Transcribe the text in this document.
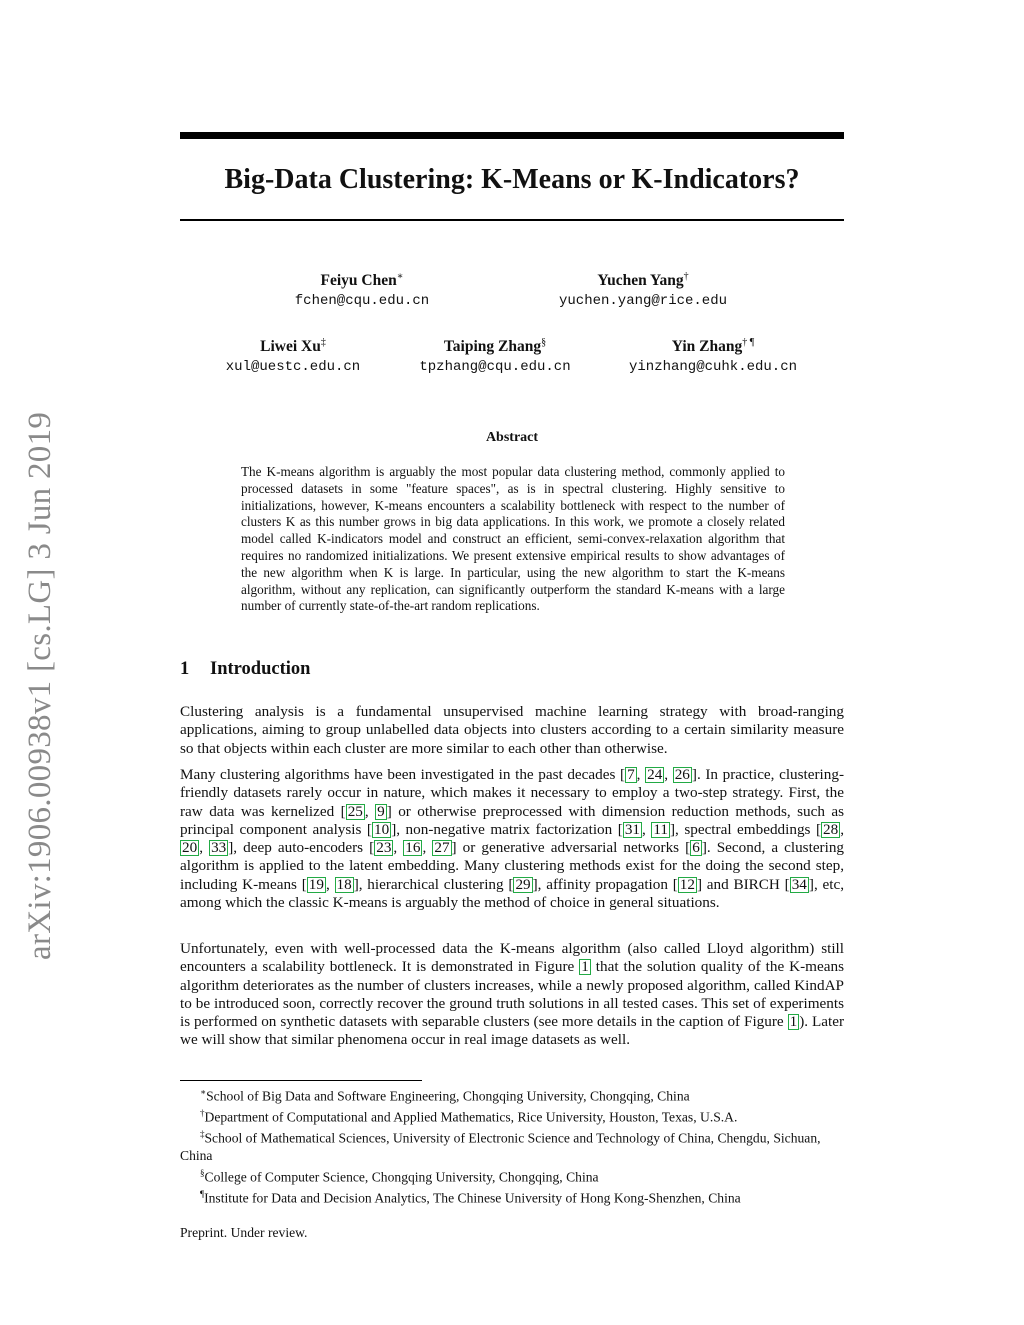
arXiv:1906.00938v1 [cs.LG] 3 Jun 2019
Big-Data Clustering: K-Means or K-Indicators?
Feiyu Chen∗
fchen@cqu.edu.cn
Yuchen Yang†
yuchen.yang@rice.edu
Liwei Xu‡
xul@uestc.edu.cn
Taiping Zhang§
tpzhang@cqu.edu.cn
Yin Zhang† ¶
yinzhang@cuhk.edu.cn
Abstract
The K-means algorithm is arguably the most popular data clustering method, commonly applied to processed datasets in some "feature spaces", as is in spectral clustering. Highly sensitive to initializations, however, K-means encounters a scalability bottleneck with respect to the number of clusters K as this number grows in big data applications. In this work, we promote a closely related model called K-indicators model and construct an efficient, semi-convex-relaxation algorithm that requires no randomized initializations. We present extensive empirical results to show advantages of the new algorithm when K is large. In particular, using the new algorithm to start the K-means algorithm, without any replication, can significantly outperform the standard K-means with a large number of currently state-of-the-art random replications.
1 Introduction
Clustering analysis is a fundamental unsupervised machine learning strategy with broad-ranging applications, aiming to group unlabelled data objects into clusters according to a certain similarity measure so that objects within each cluster are more similar to each other than otherwise.
Many clustering algorithms have been investigated in the past decades [ 7 , 24 , 26 ]. In practice, clustering-friendly datasets rarely occur in nature, which makes it necessary to employ a two-step strategy. First, the raw data was kernelized [ 25 , 9 ] or otherwise preprocessed with dimension reduction methods, such as principal component analysis [ 10 ], non-negative matrix factorization [ 31 , 11 ], spectral embeddings [ 28 , 20 , 33 ], deep auto-encoders [ 23 , 16 , 27 ] or generative adversarial networks [ 6 ]. Second, a clustering algorithm is applied to the latent embedding. Many clustering methods exist for the doing the second step, including K-means [ 19 , 18 ], hierarchical clustering [ 29 ], affinity propagation [ 12 ] and BIRCH [ 34 ], etc, among which the classic K-means is arguably the method of choice in general situations.
Unfortunately, even with well-processed data the K-means algorithm (also called Lloyd algorithm) still encounters a scalability bottleneck. It is demonstrated in Figure 1 that the solution quality of the K-means algorithm deteriorates as the number of clusters increases, while a newly proposed algorithm, called KindAP to be introduced soon, correctly recover the ground truth solutions in all tested cases. This set of experiments is performed on synthetic datasets with separable clusters (see more details in the caption of Figure 1 ). Later we will show that similar phenomena occur in real image datasets as well.
∗School of Big Data and Software Engineering, Chongqing University, Chongqing, China
†Department of Computational and Applied Mathematics, Rice University, Houston, Texas, U.S.A.
‡School of Mathematical Sciences, University of Electronic Science and Technology of China, Chengdu, Sichuan, China
§College of Computer Science, Chongqing University, Chongqing, China
¶Institute for Data and Decision Analytics, The Chinese University of Hong Kong-Shenzhen, China
Preprint. Under review.
